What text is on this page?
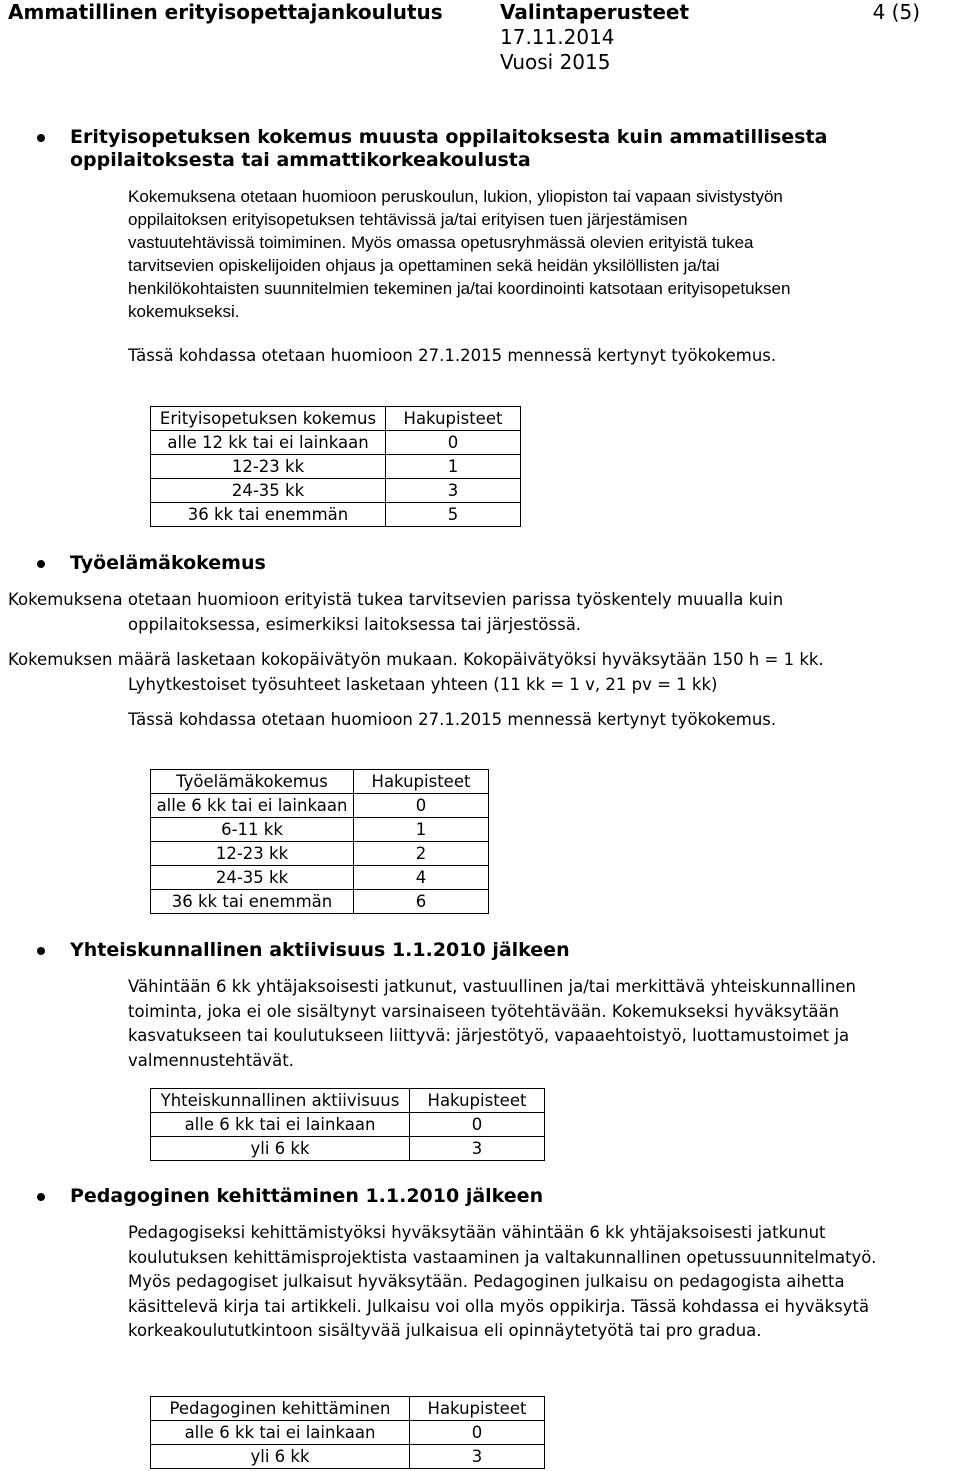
Ammatillinen erityisopettajankoulutus	Valintaperusteet
17.11.2014
Vuosi 2015
4 (5)
Erityisopetuksen kokemus muusta oppilaitoksesta kuin ammatillisesta
oppilaitoksesta tai ammattikorkeakoulusta
Kokemuksena otetaan huomioon peruskoulun, lukion, yliopiston tai vapaan sivistystyön
oppilaitoksen erityisopetuksen tehtävissä ja/tai erityisen tuen järjestämisen
vastuutehtävissä toimiminen. Myös omassa opetusryhmässä olevien erityistä tukea
tarvitsevien opiskelijoiden ohjaus ja opettaminen sekä heidän yksilöllisten ja/tai
henkilökohtaisten suunnitelmien tekeminen ja/tai koordinointi katsotaan erityisopetuksen
kokemukseksi.
Tässä kohdassa otetaan huomioon 27.1.2015 mennessä kertynyt työkokemus.
Erityisopetuksen kokemus	Hakupisteet
alle 12 kk tai ei lainkaan	0
12-23 kk	1
24-35 kk	3
36 kk tai enemmän	5
Työelämäkokemus
Kokemuksena otetaan huomioon erityistä tukea tarvitsevien parissa työskentely muualla kuin
oppilaitoksessa, esimerkiksi laitoksessa tai järjestössä.
Kokemuksen määrä lasketaan kokopäivätyön mukaan. Kokopäivätyöksi hyväksytään 150 h = 1 kk.
Lyhytkestoiset työsuhteet lasketaan yhteen (11 kk = 1 v, 21 pv = 1 kk)
Tässä kohdassa otetaan huomioon 27.1.2015 mennessä kertynyt työkokemus.
Työelämäkokemus	Hakupisteet
alle 6 kk tai ei lainkaan	0
6-11 kk	1
12-23 kk	2
24-35 kk	4
36 kk tai enemmän	6
Yhteiskunnallinen aktiivisuus 1.1.2010 jälkeen
Vähintään 6 kk yhtäjaksoisesti jatkunut, vastuullinen ja/tai merkittävä yhteiskunnallinen
toiminta, joka ei ole sisältynyt varsinaiseen työtehtävään. Kokemukseksi hyväksytään
kasvatukseen tai koulutukseen liittyvä: järjestötyö, vapaaehtoistyö, luottamustoimet ja
valmennustehtävät.
Yhteiskunnallinen aktiivisuus	Hakupisteet
alle 6 kk tai ei lainkaan	0
yli 6 kk	3
Pedagoginen kehittäminen 1.1.2010 jälkeen
Pedagogiseksi kehittämistyöksi hyväksytään vähintään 6 kk yhtäjaksoisesti jatkunut
koulutuksen kehittämisprojektista vastaaminen ja valtakunnallinen opetussuunnitelmatyö.
Myös pedagogiset julkaisut hyväksytään. Pedagoginen julkaisu on pedagogista aihetta
käsittelevä kirja tai artikkeli. Julkaisu voi olla myös oppikirja. Tässä kohdassa ei hyväksytä
korkeakoulututkintoon sisältyvää julkaisua eli opinnäytetyötä tai pro gradua.
Pedagoginen kehittäminen	Hakupisteet
alle 6 kk tai ei lainkaan	0
yli 6 kk	3
